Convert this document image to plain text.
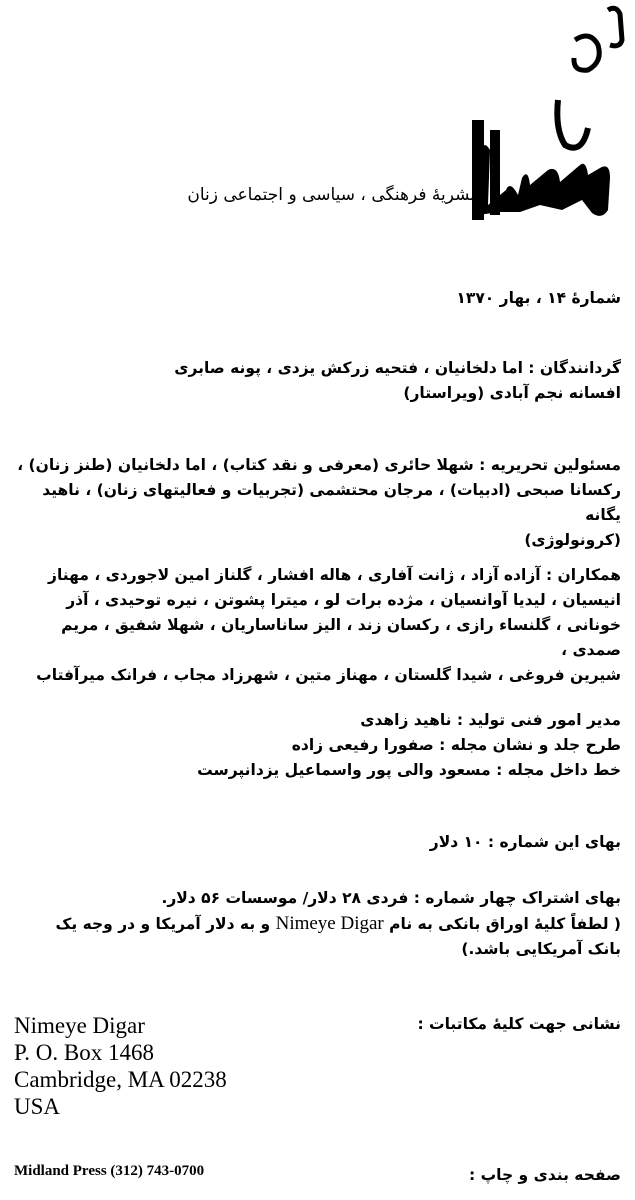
نشریهٔ فرهنگی ، سیاسی و اجتماعی زنان
شمارهٔ ۱۴ ، بهار ۱۳۷۰

گردانندگان : اما دلخانیان ، فتحیه زرکش یزدی ، پونه صابری

افسانه نجم آبادی (ویراستار)

مسئولین تحریریه : شهلا حائری (معرفی و نقد کتاب) ، اما دلخانیان (طنز زنان) ،

رکسانا صبحی (ادبیات) ، مرجان محتشمی (تجربیات و فعالیتهای زنان) ، ناهید یگانه

(کرونولوژی)

همکاران : آزاده آزاد ، ژانت آفاری ، هاله افشار ، گلناز امین لاجوردی ، مهناز

انیسیان ، لیدیا آوانسیان ، مژده برات لو ، میترا پشوتن ، نیره توحیدی ، آذر

خونانی ، گلنساء رازی ، رکسان زند ، الیز ساناساریان ، شهلا شفیق ، مریم صمدی ،

شیرین فروغی ، شیدا گلستان ، مهناز متین ، شهرزاد مجاب ، فرانک میرآفتاب

مدیر امور فنی تولید : ناهید زاهدی

طرح جلد و نشان مجله : صفورا رفیعی زاده

خط داخل مجله : مسعود والی پور واسماعیل یزدانپرست

بهای این شماره : ۱۰ دلار

بهای اشتراک چهار شماره : فردی ۲۸ دلار/ موسسات ۵۶ دلار.

( لطفاً کلیهٔ اوراق بانکی به نام Nimeye Digar و به دلار آمریکا و در وجه یک

بانک آمریکایی باشد.)

نشانی جهت کلیهٔ مکاتبات :
Nimeye Digar
P. O. Box 1468
Cambridge, MA 02238
USA
صفحه بندی و چاپ :
Midland Press (312) 743-0700
